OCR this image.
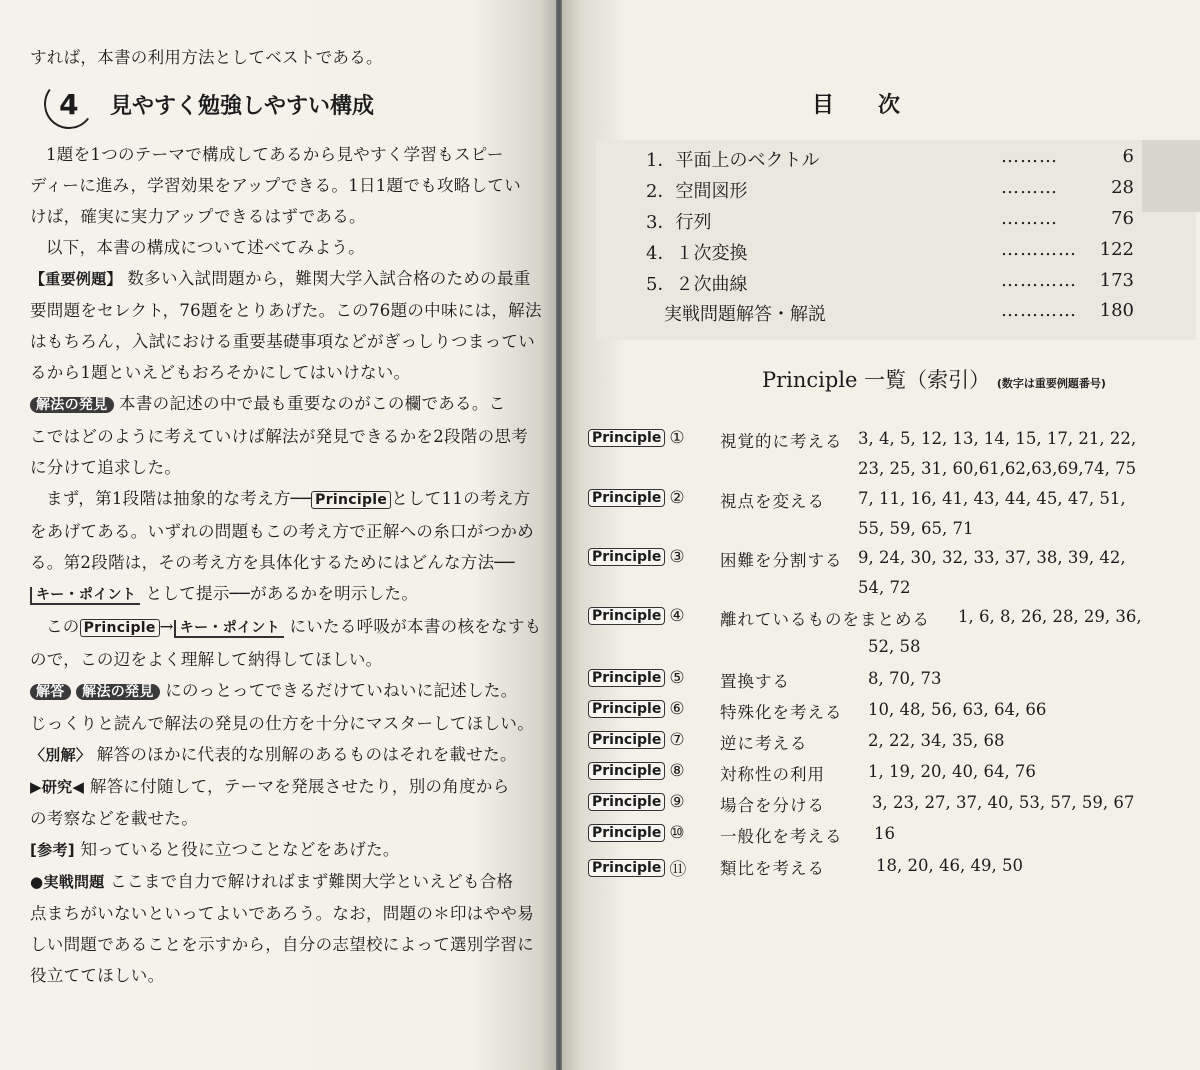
すれば，本書の利用方法としてベストである。
4 見やすく勉強しやすい構成
1題を1つのテーマで構成してあるから見やすく学習もスピー
ディーに進み，学習効果をアップできる。1日1題でも攻略してい
けば，確実に実力アップできるはずである。
以下，本書の構成について述べてみよう。
【重要例題】 数多い入試問題から，難関大学入試合格のための最重
要問題をセレクト，76題をとりあげた。この76題の中味には，解法
はもちろん，入試における重要基礎事項などがぎっしりつまってい
るから1題といえどもおろそかにしてはいけない。
解法の発見 本書の記述の中で最も重要なのがこの欄である。こ
こではどのように考えていけば解法が発見できるかを2段階の思考
に分けて追求した。
まず，第1段階は抽象的な考え方── Principle として11の考え方
をあげてある。いずれの問題もこの考え方で正解への糸口がつかめ
る。第2段階は，その考え方を具体化するためにはどんな方法──
キー・ポイント として提示──があるかを明示した。
この Principle → キー・ポイント にいたる呼吸が本書の核をなすも
ので，この辺をよく理解して納得してほしい。
解答 解法の発見 にのっとってできるだけていねいに記述した。
じっくりと読んで解法の発見の仕方を十分にマスターしてほしい。
〈別解〉 解答のほかに代表的な別解のあるものはそれを載せた。
▶研究◀ 解答に付随して，テーマを発展させたり，別の角度から
の考察などを載せた。
[参考] 知っていると役に立つことなどをあげた。
●実戦問題 ここまで自力で解ければまず難関大学といえども合格
点まちがいないといってよいであろう。なお，問題の＊印はやや易
しい問題であることを示すから，自分の志望校によって選別学習に
役立ててほしい。
目次
1．平面上のベクトル	………	6
2．空間図形	………	28
3．行列	………	76
4．１次変換	………… 122
5．２次曲線	………… 173
実戦問題解答・解説	………… 180
Principle 一覧（索引） (数字は重要例題番号)
Principle ① 視覚的に考える 3, 4, 5, 12, 13, 14, 15, 17, 21, 22,
23, 25, 31, 60,61,62,63,69,74, 75
Principle ② 視点を変える 7, 11, 16, 41, 43, 44, 45, 47, 51,
55, 59, 65, 71
Principle ③ 困難を分割する 9, 24, 30, 32, 33, 37, 38, 39, 42,
54, 72
Principle ④ 離れているものをまとめる 1, 6, 8, 26, 28, 29, 36,
52, 58
Principle ⑤ 置換する	8, 70, 73
Principle ⑥ 特殊化を考える 10, 48, 56, 63, 64, 66
Principle ⑦ 逆に考える	2, 22, 34, 35, 68
Principle ⑧ 対称性の利用	1, 19, 20, 40, 64, 76
Principle ⑨ 場合を分ける	3, 23, 27, 37, 40, 53, 57, 59, 67
Principle ⑩ 一般化を考える 16
Principle ⑪ 類比を考える	18, 20, 46, 49, 50
